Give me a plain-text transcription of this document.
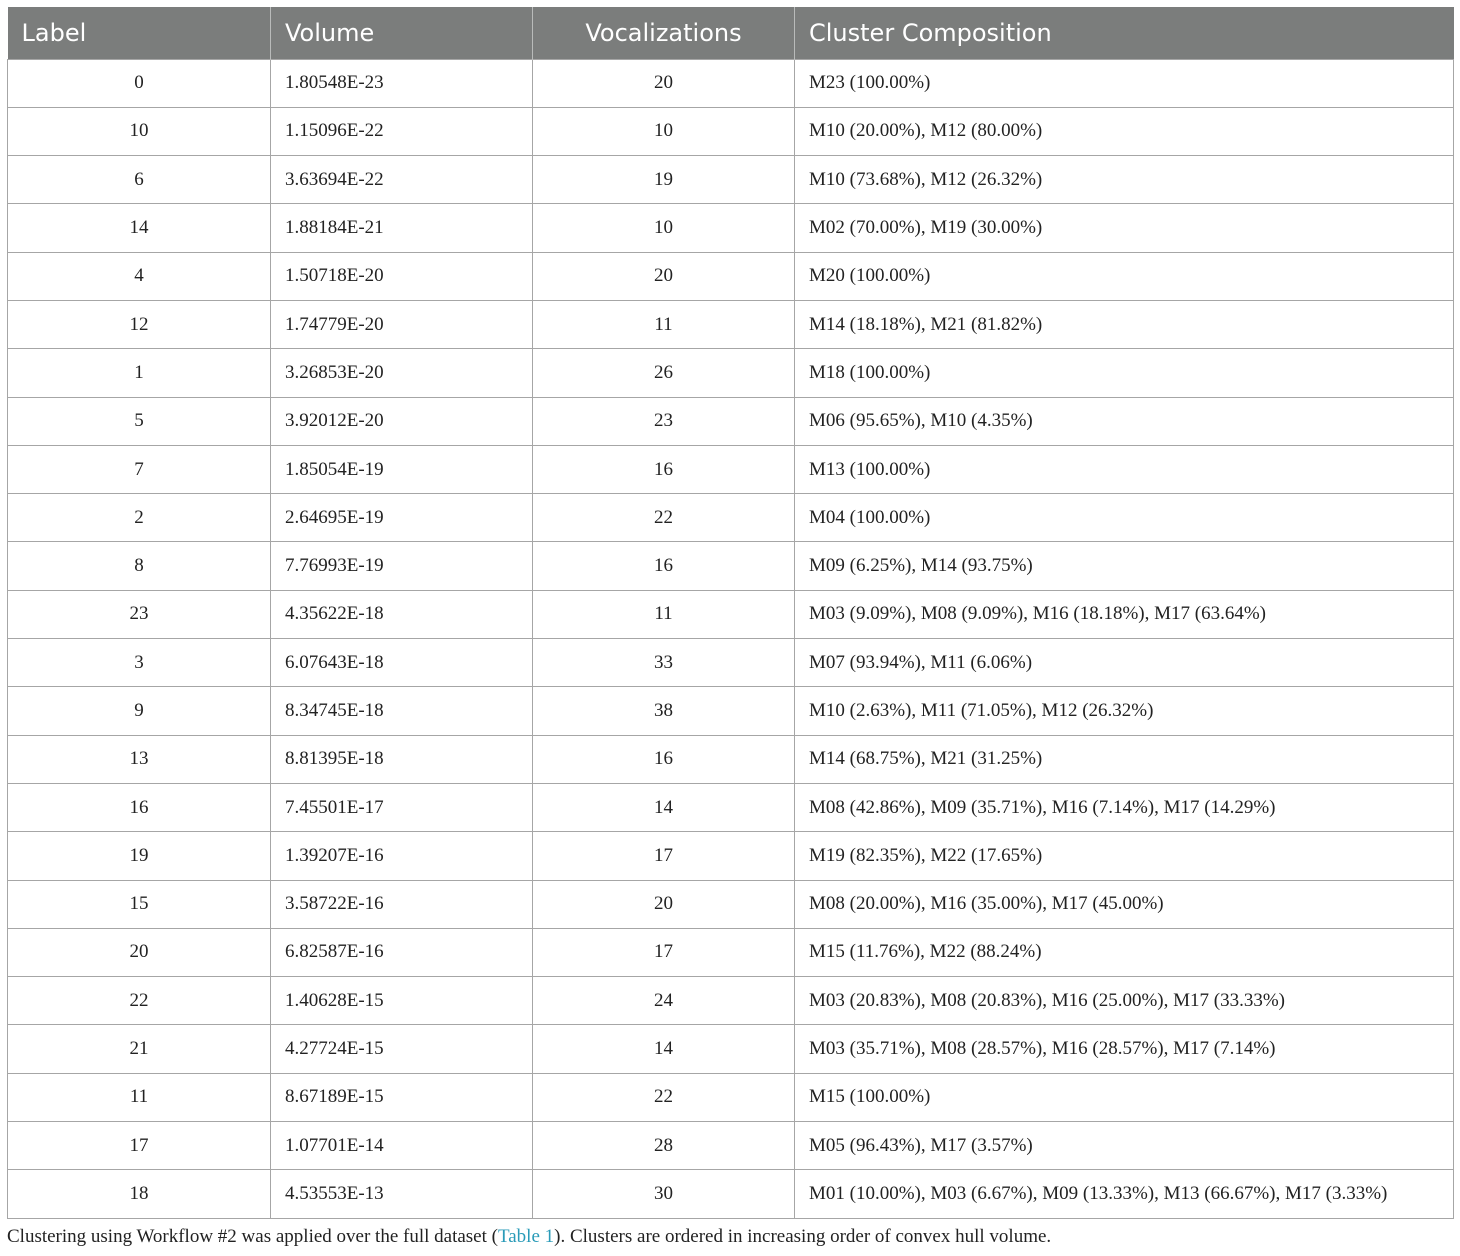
Label	Volume	Vocalizations	Cluster Composition
0	1.80548E-23	20	M23 (100.00%)
10	1.15096E-22	10	M10 (20.00%), M12 (80.00%)
6	3.63694E-22	19	M10 (73.68%), M12 (26.32%)
14	1.88184E-21	10	M02 (70.00%), M19 (30.00%)
4	1.50718E-20	20	M20 (100.00%)
12	1.74779E-20	11	M14 (18.18%), M21 (81.82%)
1	3.26853E-20	26	M18 (100.00%)
5	3.92012E-20	23	M06 (95.65%), M10 (4.35%)
7	1.85054E-19	16	M13 (100.00%)
2	2.64695E-19	22	M04 (100.00%)
8	7.76993E-19	16	M09 (6.25%), M14 (93.75%)
23	4.35622E-18	11	M03 (9.09%), M08 (9.09%), M16 (18.18%), M17 (63.64%)
3	6.07643E-18	33	M07 (93.94%), M11 (6.06%)
9	8.34745E-18	38	M10 (2.63%), M11 (71.05%), M12 (26.32%)
13	8.81395E-18	16	M14 (68.75%), M21 (31.25%)
16	7.45501E-17	14	M08 (42.86%), M09 (35.71%), M16 (7.14%), M17 (14.29%)
19	1.39207E-16	17	M19 (82.35%), M22 (17.65%)
15	3.58722E-16	20	M08 (20.00%), M16 (35.00%), M17 (45.00%)
20	6.82587E-16	17	M15 (11.76%), M22 (88.24%)
22	1.40628E-15	24	M03 (20.83%), M08 (20.83%), M16 (25.00%), M17 (33.33%)
21	4.27724E-15	14	M03 (35.71%), M08 (28.57%), M16 (28.57%), M17 (7.14%)
11	8.67189E-15	22	M15 (100.00%)
17	1.07701E-14	28	M05 (96.43%), M17 (3.57%)
18	4.53553E-13	30	M01 (10.00%), M03 (6.67%), M09 (13.33%), M13 (66.67%), M17 (3.33%)
Clustering using Workflow #2 was applied over the full dataset (Table 1). Clusters are ordered in increasing order of convex hull volume.
